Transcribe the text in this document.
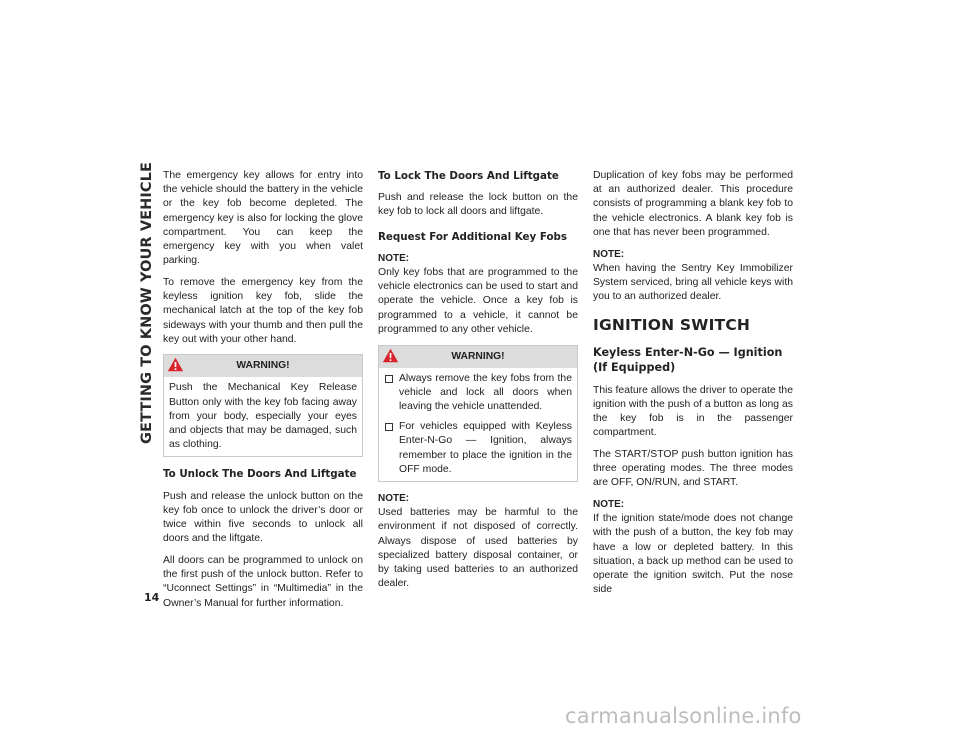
GETTING TO KNOW YOUR VEHICLE
14

The emergency key allows for entry into the vehicle should the battery in the vehicle or the key fob become depleted. The emergency key is also for locking the glove compartment. You can keep the emergency key with you when valet parking.

To remove the emergency key from the keyless ignition key fob, slide the mechanical latch at the top of the key fob sideways with your thumb and then pull the key out with your other hand.

WARNING!

Push the Mechanical Key Release Button only with the key fob facing away from your body, especially your eyes and objects that may be damaged, such as clothing.

To Unlock The Doors And Liftgate

Push and release the unlock button on the key fob once to unlock the driver’s door or twice within five seconds to unlock all doors and the liftgate.

All doors can be programmed to unlock on the first push of the unlock button. Refer to “Uconnect Settings” in “Multimedia” in the Owner’s Manual for further information.

To Lock The Doors And Liftgate

Push and release the lock button on the key fob to lock all doors and liftgate.

Request For Additional Key Fobs
NOTE:

Only key fobs that are programmed to the vehicle electronics can be used to start and operate the vehicle. Once a key fob is programmed to a vehicle, it cannot be programmed to any other vehicle.

WARNING!
Always remove the key fobs from the vehicle and lock all doors when leaving the vehicle unattended.
For vehicles equipped with Keyless Enter-N-Go — Ignition, always remember to place the ignition in the OFF mode.
NOTE:

Used batteries may be harmful to the environment if not disposed of correctly. Always dispose of used batteries by specialized battery disposal container, or by taking used batteries to an authorized dealer.

Duplication of key fobs may be performed at an authorized dealer. This procedure consists of programming a blank key fob to the vehicle electronics. A blank key fob is one that has never been programmed.

NOTE:

When having the Sentry Key Immobilizer System serviced, bring all vehicle keys with you to an authorized dealer.

IGNITION SWITCH
Keyless Enter-N-Go — Ignition (If Equipped)

This feature allows the driver to operate the ignition with the push of a button as long as the key fob is in the passenger compartment.

The START/STOP push button ignition has three operating modes. The three modes are OFF, ON/RUN, and START.

NOTE:

If the ignition state/mode does not change with the push of a button, the key fob may have a low or depleted battery. In this situation, a back up method can be used to operate the ignition switch. Put the nose side

carmanualsonline.info
